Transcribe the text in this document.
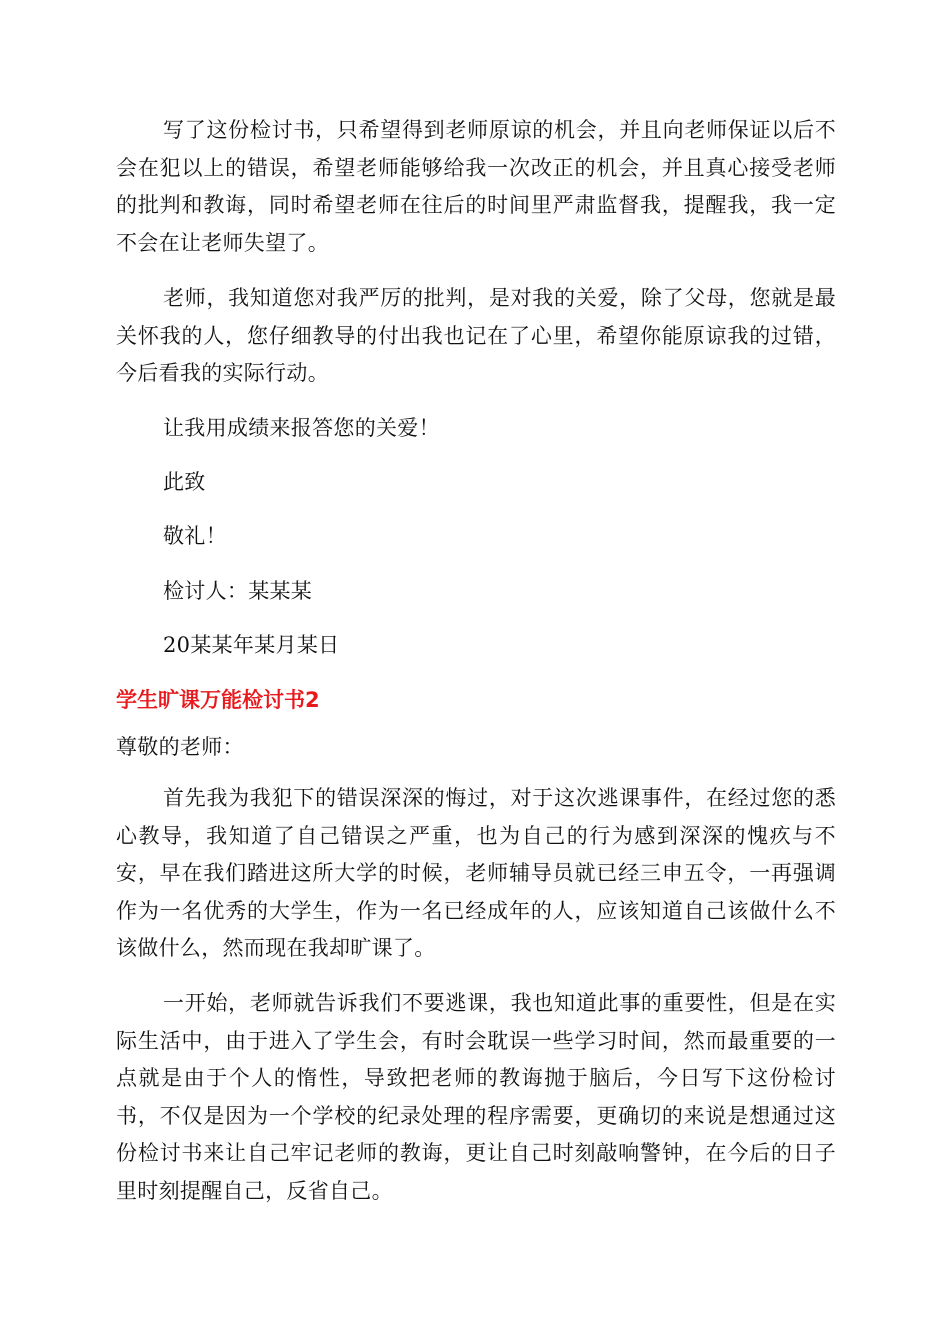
写了这份检讨书，只希望得到老师原谅的机会，并且向老师保证以后不会在犯以上的错误，希望老师能够给我一次改正的机会，并且真心接受老师的批判和教诲，同时希望老师在往后的时间里严肃监督我，提醒我，我一定不会在让老师失望了。

老师，我知道您对我严厉的批判，是对我的关爱，除了父母，您就是最关怀我的人，您仔细教导的付出我也记在了心里，希望你能原谅我的过错，今后看我的实际行动。

让我用成绩来报答您的关爱！

此致

敬礼！

检讨人：某某某

20某某年某月某日

学生旷课万能检讨书2

尊敬的老师：

首先我为我犯下的错误深深的悔过，对于这次逃课事件，在经过您的悉心教导，我知道了自己错误之严重，也为自己的行为感到深深的愧疚与不安，早在我们踏进这所大学的时候，老师辅导员就已经三申五令，一再强调作为一名优秀的大学生，作为一名已经成年的人，应该知道自己该做什么不该做什么，然而现在我却旷课了。

一开始，老师就告诉我们不要逃课，我也知道此事的重要性，但是在实际生活中，由于进入了学生会，有时会耽误一些学习时间，然而最重要的一点就是由于个人的惰性，导致把老师的教诲抛于脑后，今日写下这份检讨书，不仅是因为一个学校的纪录处理的程序需要，更确切的来说是想通过这份检讨书来让自己牢记老师的教诲，更让自己时刻敲响警钟，在今后的日子里时刻提醒自己，反省自己。
